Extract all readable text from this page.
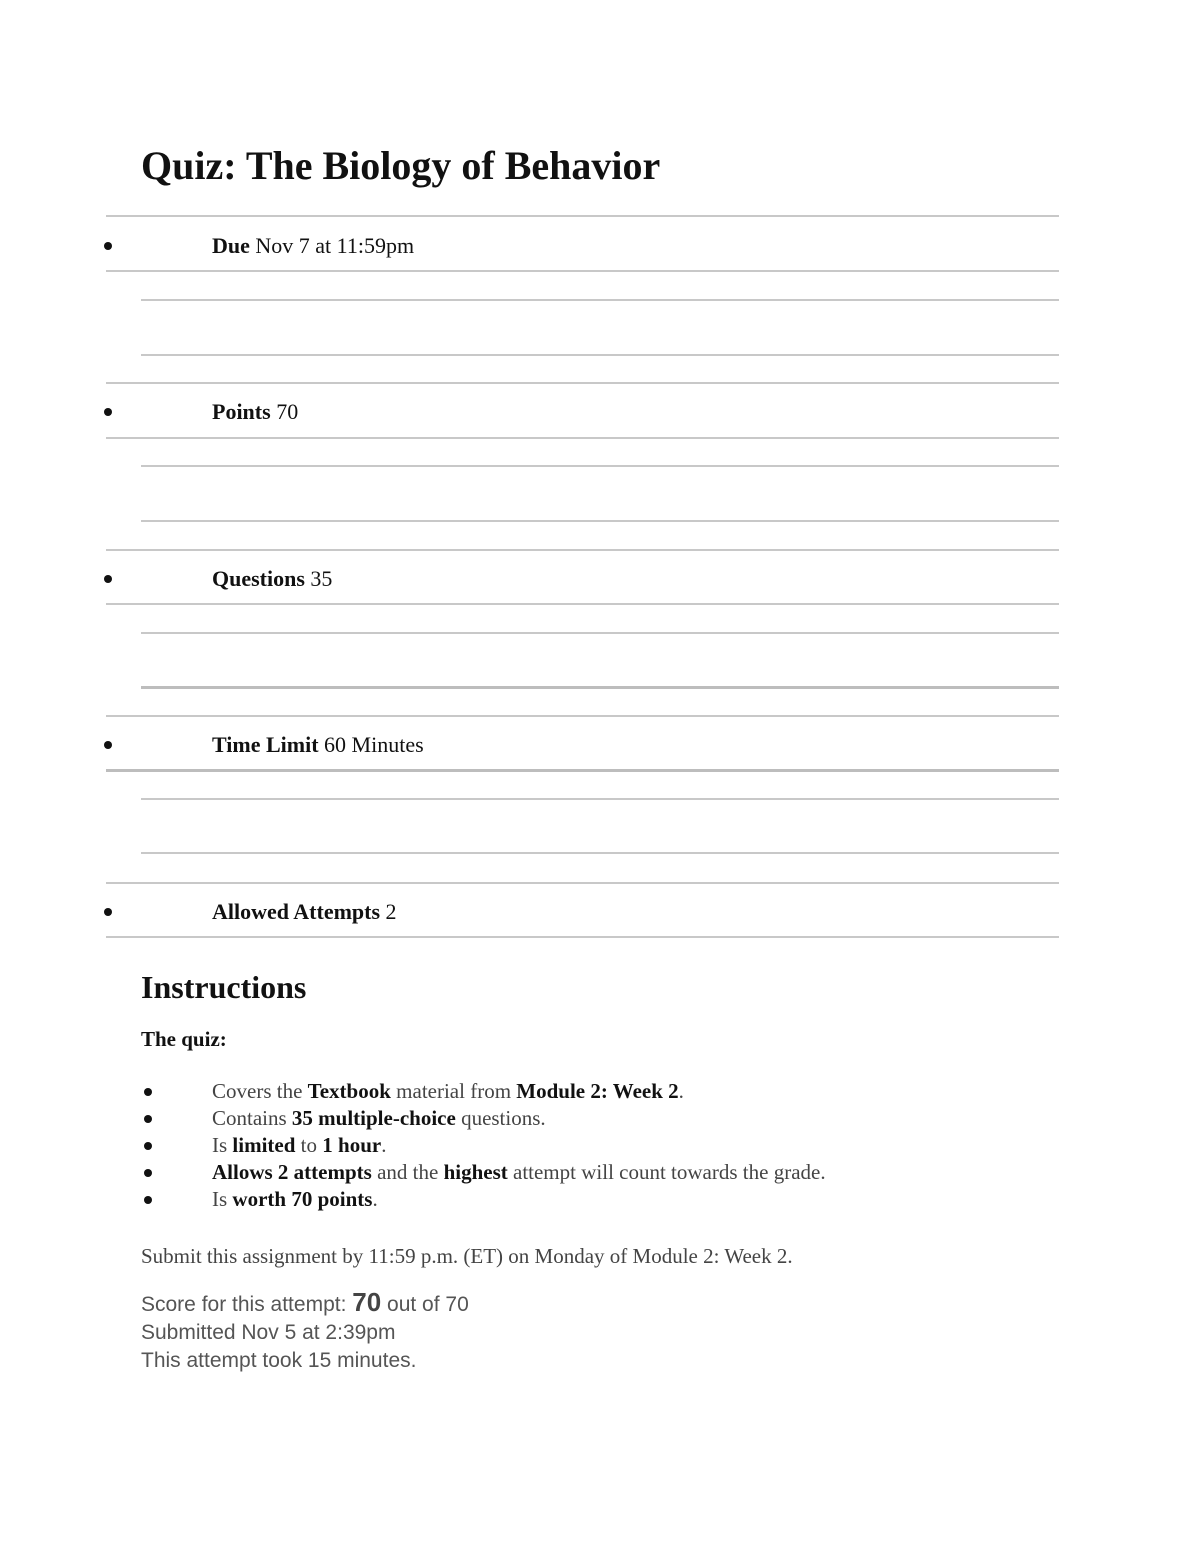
Quiz: The Biology of Behavior
Due Nov 7 at 11:59pm
Points 70
Questions 35
Time Limit 60 Minutes
Allowed Attempts 2
Instructions
The quiz:
Covers the Textbook material from Module 2: Week 2.
Contains 35 multiple-choice questions.
Is limited to 1 hour.
Allows 2 attempts and the highest attempt will count towards the grade.
Is worth 70 points.
Submit this assignment by 11:59 p.m. (ET) on Monday of Module 2: Week 2.
Score for this attempt: 70 out of 70
Submitted Nov 5 at 2:39pm
This attempt took 15 minutes.
